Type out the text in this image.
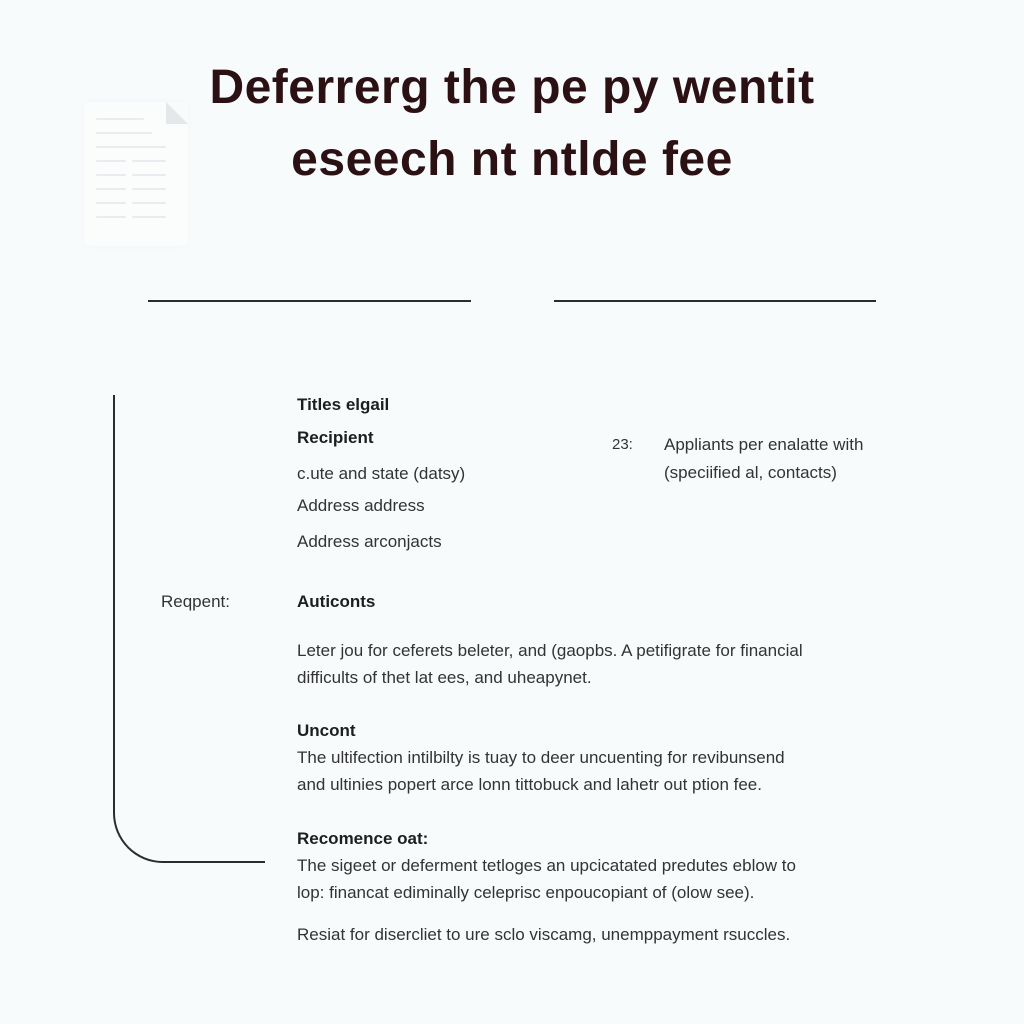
Deferrerg the pe py wentit
eseech nt ntlde fee
Titles elgail
Recipient
c.ute and state (datsy)
Address address
Address arconjacts
23: Appliants per enalatte with
(speciified al, contacts)
Reqpent:	Auticonts
Leter jou for ceferets beleter, and (gaopbs. A petifigrate for financial
difficults of thet lat ees, and uheapynet.
Uncont
The ultifection intilbilty is tuay to deer uncuenting for revibunsend
and ultinies popert arce lonn tittobuck and lahetr out ption fee.
Recomence oat:
The sigeet or deferment tetloges an upcicatated predutes eblow to
lop: financat ediminally celeprisc enpoucopiant of (olow see).
Resiat for disercliet to ure sclo viscamg, unemppayment rsuccles.
